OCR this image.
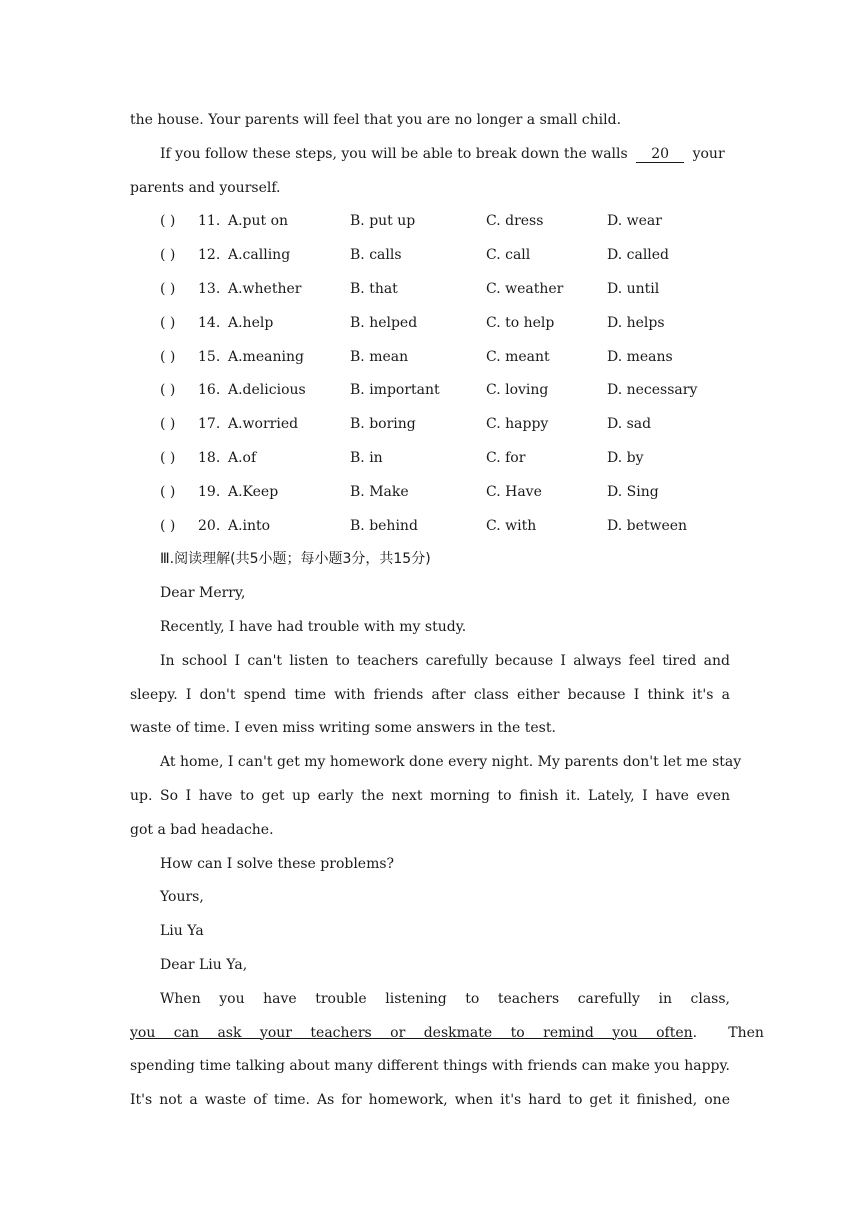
the house. Your parents will feel that you are no longer a small child.
If you follow these steps, you will be able to break down the walls 20 your
parents and yourself.
( ) 11. A.put on	B. put up	C. dress	D. wear
( ) 12. A.calling	B. calls	C. call	D. called
( ) 13. A.whether	B. that	C. weather	D. until
( ) 14. A.help	B. helped	C. to help	D. helps
( ) 15. A.meaning	B. mean	C. meant	D. means
( ) 16. A.delicious	B. important	C. loving	D. necessary
( ) 17. A.worried	B. boring	C. happy	D. sad
( ) 18. A.of	B. in	C. for	D. by
( ) 19. A.Keep	B. Make	C. Have	D. Sing
( ) 20. A.into	B. behind	C. with	D. between
Ⅲ.阅读理解(共5小题；每小题3分，共15分)
Dear Merry,
Recently, I have had trouble with my study.
In school I can't listen to teachers carefully because I always feel tired and
sleepy. I don't spend time with friends after class either because I think it's a
waste of time. I even miss writing some answers in the test.
At home, I can't get my homework done every night. My parents don't let me stay
up. So I have to get up early the next morning to finish it. Lately, I have even
got a bad headache.
How can I solve these problems?
Yours,
Liu Ya
Dear Liu Ya,
When you have trouble listening to teachers carefully in class,
you can ask your teachers or deskmate to remind you often.       Then
spending time talking about many different things with friends can make you happy.
It's not a waste of time. As for homework, when it's hard to get it finished, one
